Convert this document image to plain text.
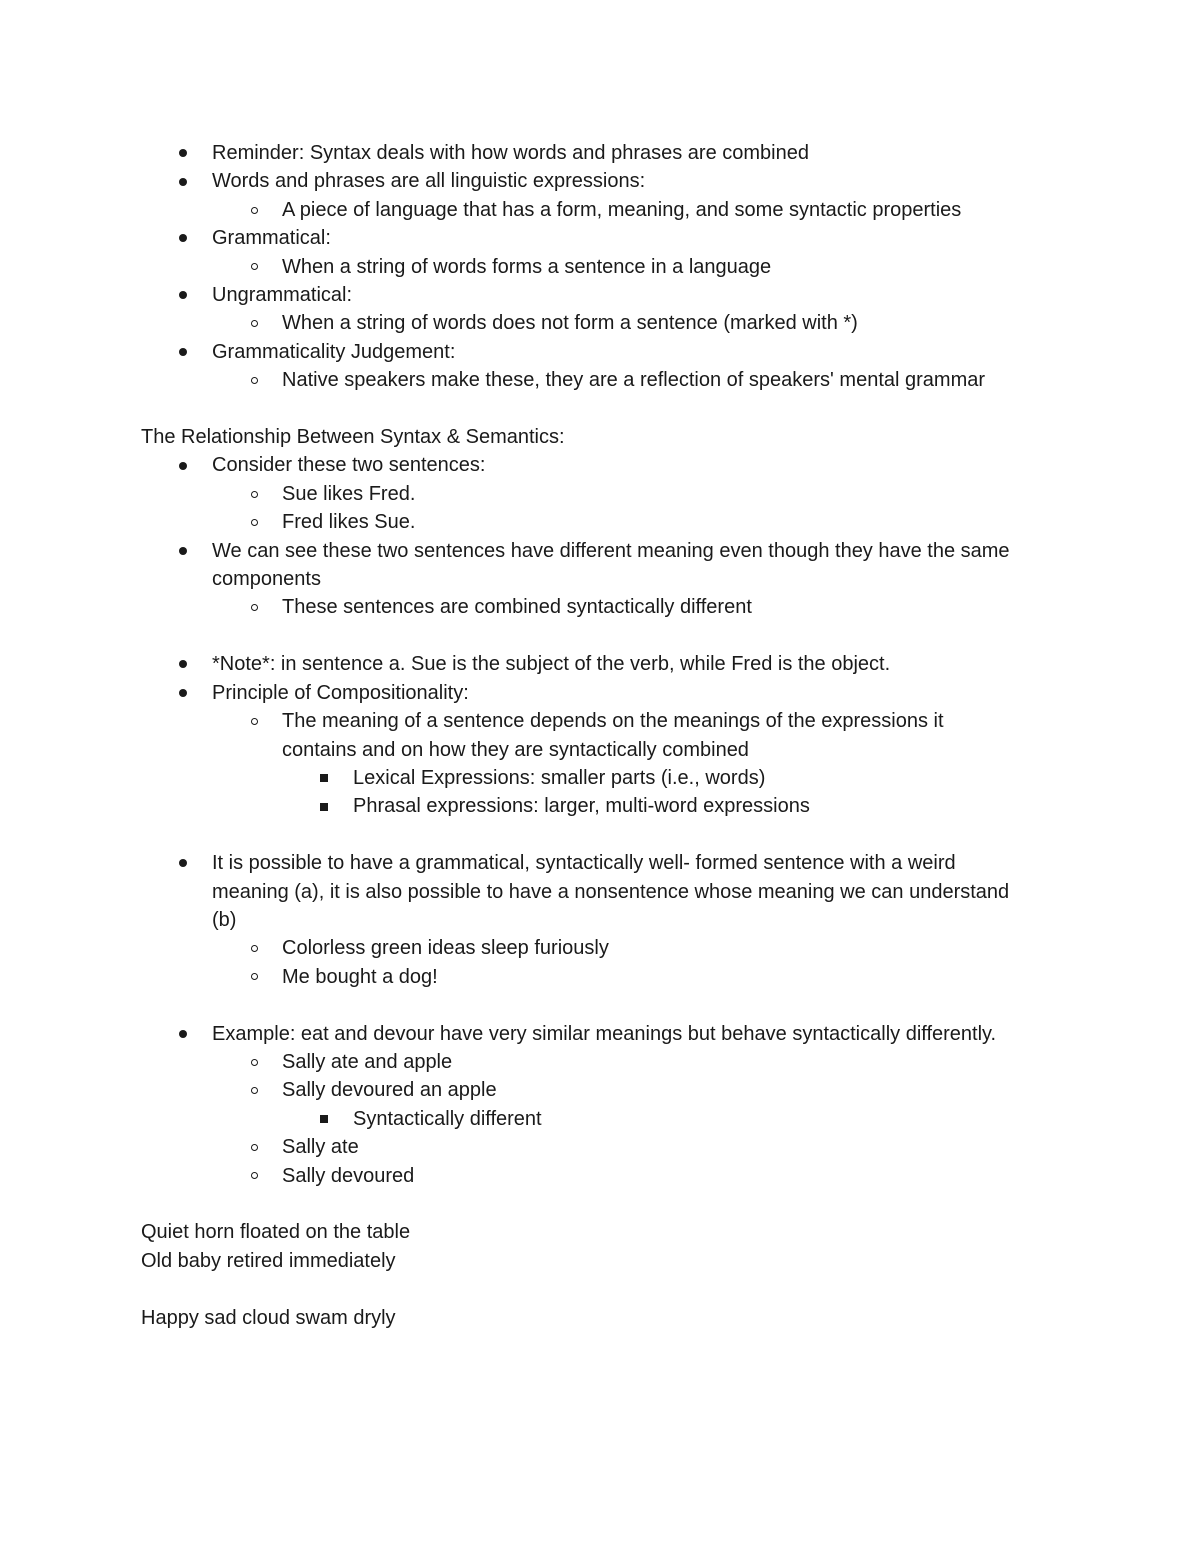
Reminder: Syntax deals with how words and phrases are combined
Words and phrases are all linguistic expressions:
A piece of language that has a form, meaning, and some syntactic properties
Grammatical:
When a string of words forms a sentence in a language
Ungrammatical:
When a string of words does not form a sentence (marked with *)
Grammaticality Judgement:
Native speakers make these, they are a reflection of speakers' mental grammar
The Relationship Between Syntax & Semantics:
Consider these two sentences:
Sue likes Fred.
Fred likes Sue.
We can see these two sentences have different meaning even though they have the same components
These sentences are combined syntactically different
*Note*: in sentence a. Sue is the subject of the verb, while Fred is the object.
Principle of Compositionality:
The meaning of a sentence depends on the meanings of the expressions it contains and on how they are syntactically combined
Lexical Expressions: smaller parts (i.e., words)
Phrasal expressions: larger, multi-word expressions
It is possible to have a grammatical, syntactically well- formed sentence with a weird meaning (a), it is also possible to have a nonsentence whose meaning we can understand (b)
Colorless green ideas sleep furiously
Me bought a dog!
Example: eat and devour have very similar meanings but behave syntactically differently.
Sally ate and apple
Sally devoured an apple
Syntactically different
Sally ate
Sally devoured
Quiet horn floated on the table
Old baby retired immediately
Happy sad cloud swam dryly
